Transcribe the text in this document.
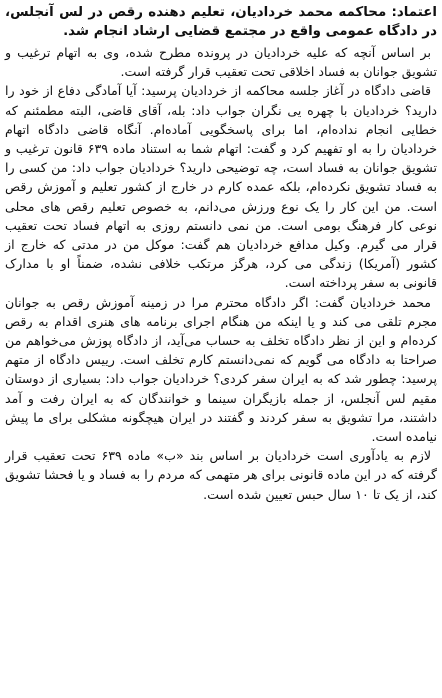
اعتماد: محاکمه محمد خردادیان، تعلیم دهنده رقص در لس آنجلس، در دادگاه عمومی واقع در مجتمع قضایی ارشاد انجام شد.

بر اساس آنچه که علیه خردادیان در پرونده مطرح شده، وی به اتهام ترغیب و تشویق جوانان به فساد اخلاقی تحت تعقیب قرار گرفته است.

قاضی دادگاه در آغاز جلسه محاکمه از خردادیان پرسید: آیا آمادگی دفاع از خود را دارید؟ خردادیان با چهره یی نگران جواب داد: بله، آقای قاضی، البته مطمئنم که خطایی انجام نداده‌ام، اما برای پاسخگویی آماده‌ام. آنگاه قاضی دادگاه اتهام خردادیان را به او تفهیم کرد و گفت: اتهام شما به استناد ماده ۶۳۹ قانون ترغیب و تشویق جوانان به فساد است، چه توضیحی دارید؟ خردادیان جواب داد: من کسی را به فساد تشویق نکرده‌ام، بلکه عمده کارم در خارج از کشور تعلیم و آموزش رقص است. من این کار را یک نوع ورزش می‌دانم، به خصوص تعلیم رقص های محلی نوعی کار فرهنگ بومی است. من نمی دانستم روزی به اتهام فساد تحت تعقیب قرار می گیرم. وکیل مدافع خردادیان هم گفت: موکل من در مدتی که خارج از کشور (آمریکا) زندگی می کرد، هرگز مرتکب خلافی نشده، ضمناً او با مدارک قانونی به سفر پرداخته است.

محمد خردادیان گفت: اگر دادگاه محترم مرا در زمینه آموزش رقص به جوانان مجرم تلقی می کند و یا اینکه من هنگام اجرای برنامه های هنری اقدام به رقص کرده‌ام و این از نظر دادگاه تخلف به حساب می‌آید، از دادگاه پوزش می‌خواهم من صراحتا به دادگاه می گویم که نمی‌دانستم کارم تخلف است. رییس دادگاه از متهم پرسید: چطور شد که به ایران سفر کردی؟ خردادیان جواب داد: بسیاری از دوستان مقیم لس آنجلس، از جمله بازیگران سینما و خوانندگان که به ایران رفت و آمد داشتند، مرا تشویق به سفر کردند و گفتند در ایران هیچگونه مشکلی برای ما پیش نیامده است.

لازم به یادآوری است خردادیان بر اساس بند «ب» ماده ۶۳۹ تحت تعقیب قرار گرفته که در این ماده قانونی برای هر متهمی که مردم را به فساد و یا فحشا تشویق کند، از یک تا ۱۰ سال حبس تعیین شده است.
